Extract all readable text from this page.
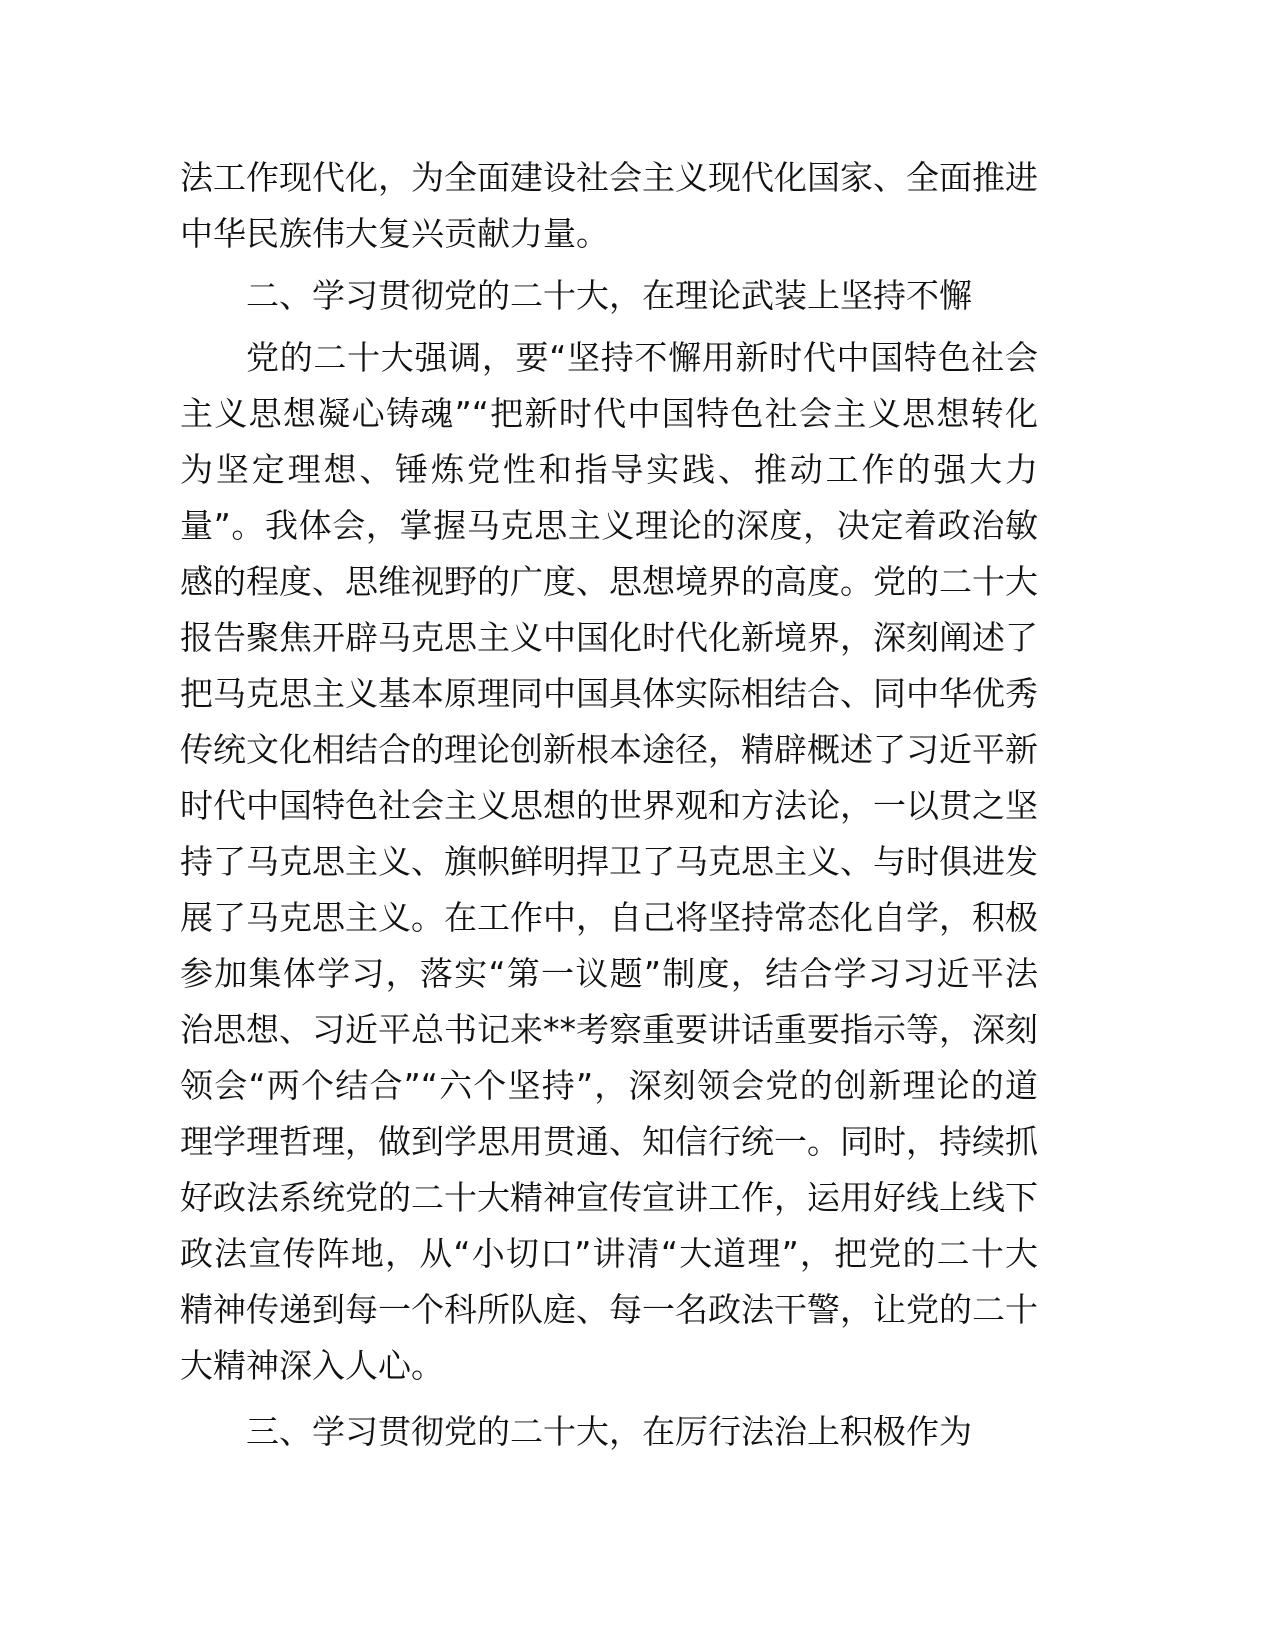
法工作现代化，为全面建设社会主义现代化国家、全面推进中华民族伟大复兴贡献力量。

二、学习贯彻党的二十大，在理论武装上坚持不懈

党的二十大强调，要“坚持不懈用新时代中国特色社会主义思想凝心铸魂”“把新时代中国特色社会主义思想转化为坚定理想、锤炼党性和指导实践、推动工作的强大力量”。我体会，掌握马克思主义理论的深度，决定着政治敏感的程度、思维视野的广度、思想境界的高度。党的二十大报告聚焦开辟马克思主义中国化时代化新境界，深刻阐述了把马克思主义基本原理同中国具体实际相结合、同中华优秀传统文化相结合的理论创新根本途径，精辟概述了习近平新时代中国特色社会主义思想的世界观和方法论，一以贯之坚持了马克思主义、旗帜鲜明捍卫了马克思主义、与时俱进发展了马克思主义。在工作中，自己将坚持常态化自学，积极参加集体学习，落实“第一议题”制度，结合学习习近平法治思想、习近平总书记来**考察重要讲话重要指示等，深刻领会“两个结合”“六个坚持”，深刻领会党的创新理论的道理学理哲理，做到学思用贯通、知信行统一。同时，持续抓好政法系统党的二十大精神宣传宣讲工作，运用好线上线下政法宣传阵地，从“小切口”讲清“大道理”，把党的二十大精神传递到每一个科所队庭、每一名政法干警，让党的二十大精神深入人心。

三、学习贯彻党的二十大，在厉行法治上积极作为
